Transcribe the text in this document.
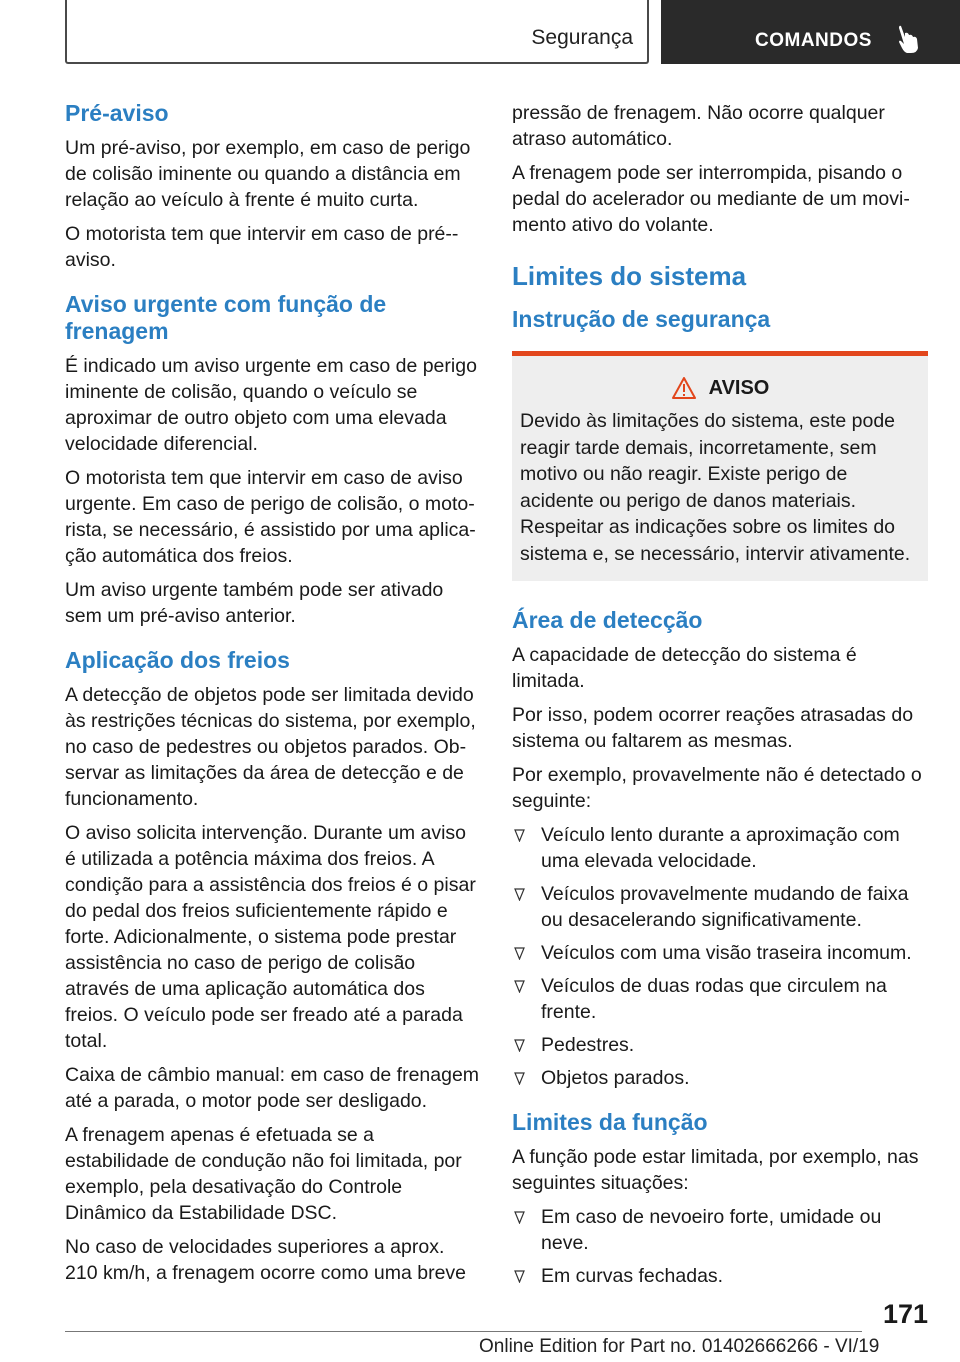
Segurança	COMANDOS
Pré-aviso

Um pré-aviso, por exemplo, em caso de perigo de colisão iminente ou quando a distância em relação ao veículo à frente é muito curta.

O motorista tem que intervir em caso de pré-‐aviso.

Aviso urgente com função de frenagem

É indicado um aviso urgente em caso de perigo iminente de colisão, quando o veículo se aproximar de outro objeto com uma elevada velocidade diferencial.

O motorista tem que intervir em caso de aviso urgente. Em caso de perigo de colisão, o motorista, se necessário, é assistido por uma aplicação automática dos freios.

Um aviso urgente também pode ser ativado sem um pré-aviso anterior.

Aplicação dos freios

A detecção de objetos pode ser limitada devido às restrições técnicas do sistema, por exemplo, no caso de pedestres ou objetos parados. Observar as limitações da área de detecção e de funcionamento.

O aviso solicita intervenção. Durante um aviso é utilizada a potência máxima dos freios. A condição para a assistência dos freios é o pisar do pedal dos freios suficientemente rápido e forte. Adicionalmente, o sistema pode prestar assistência no caso de perigo de colisão através de uma aplicação automática dos freios. O veículo pode ser freado até a parada total.

Caixa de câmbio manual: em caso de frenagem até a parada, o motor pode ser desligado.

A frenagem apenas é efetuada se a estabilidade de condução não foi limitada, por exemplo, pela desativação do Controle Dinâmico da Estabilidade DSC.

No caso de velocidades superiores a aprox. 210 km/h, a frenagem ocorre como uma breve

pressão de frenagem. Não ocorre qualquer atraso automático.

A frenagem pode ser interrompida, pisando o pedal do acelerador ou mediante de um movimento ativo do volante.

Limites do sistema
Instrução de segurança
AVISO

Devido às limitações do sistema, este pode reagir tarde demais, incorretamente, sem motivo ou não reagir. Existe perigo de acidente ou perigo de danos materiais. Respeitar as indicações sobre os limites do sistema e, se necessário, intervir ativamente.

Área de detecção

A capacidade de detecção do sistema é limitada.

Por isso, podem ocorrer reações atrasadas do sistema ou faltarem as mesmas.

Por exemplo, provavelmente não é detectado o seguinte:

Veículo lento durante a aproximação com uma elevada velocidade.
Veículos provavelmente mudando de faixa ou desacelerando significativamente.
Veículos com uma visão traseira incomum.
Veículos de duas rodas que circulem na frente.
Pedestres.
Objetos parados.
Limites da função

A função pode estar limitada, por exemplo, nas seguintes situações:

Em caso de nevoeiro forte, umidade ou neve.
Em curvas fechadas.
171
Online Edition for Part no. 01402666266 - VI/19
